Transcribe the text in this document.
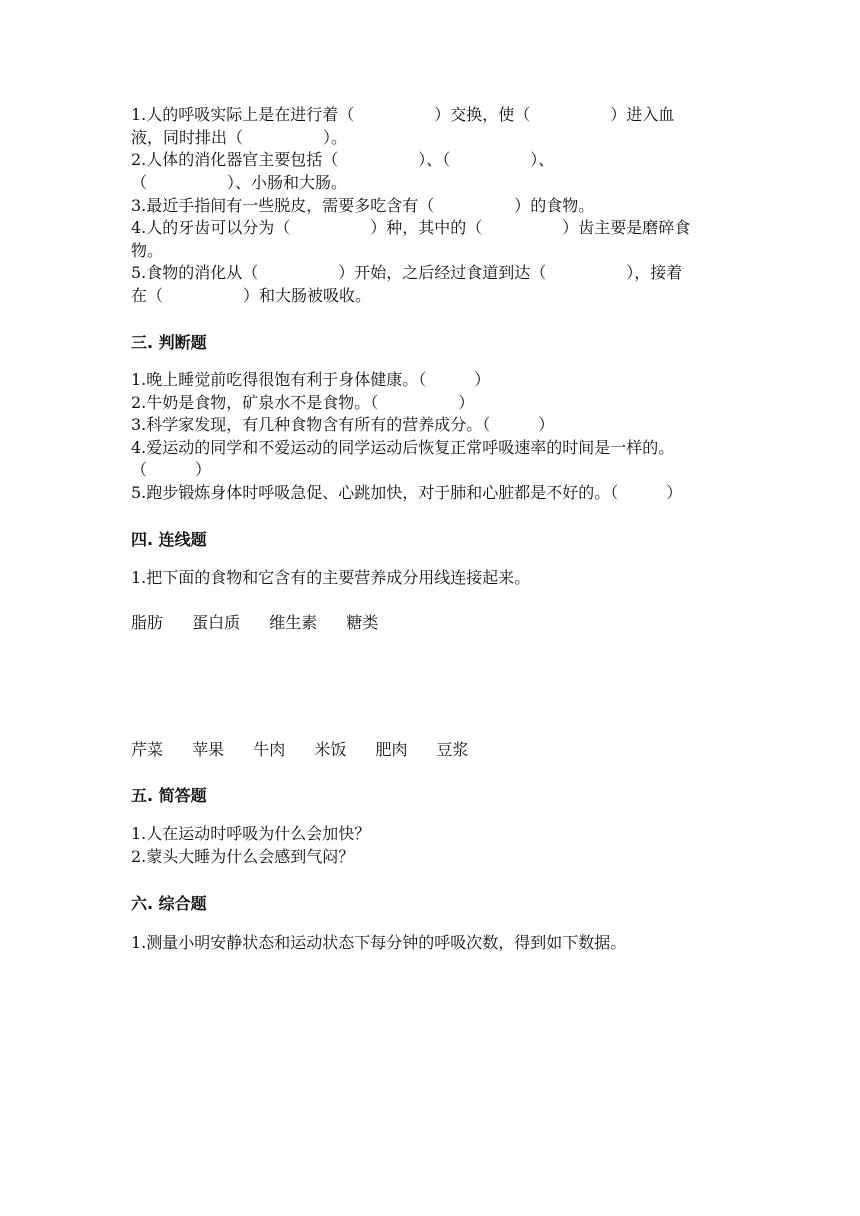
1.人的呼吸实际上是在进行着（　　　　　）交换，使（　　　　　）进入血
液，同时排出（　　　　　）。
2.人体的消化器官主要包括（　　　　　）、（　　　　　）、
（　　　　　）、小肠和大肠。
3.最近手指间有一些脱皮，需要多吃含有（　　　　　）的食物。
4.人的牙齿可以分为（　　　　　）种，其中的（　　　　　）齿主要是磨碎食
物。
5.食物的消化从（　　　　　）开始，之后经过食道到达（　　　　　），接着
在（　　　　　）和大肠被吸收。
三. 判断题
1.晚上睡觉前吃得很饱有利于身体健康。（　　　）
2.牛奶是食物，矿泉水不是食物。（　　　　　）
3.科学家发现，有几种食物含有所有的营养成分。（　　　）
4.爱运动的同学和不爱运动的同学运动后恢复正常呼吸速率的时间是一样的。
（　　　）
5.跑步锻炼身体时呼吸急促、心跳加快，对于肺和心脏都是不好的。（　　　）
四. 连线题
1.把下面的食物和它含有的主要营养成分用线连接起来。
脂肪 蛋白质 维生素 糖类
芹菜 苹果 牛肉 米饭 肥肉 豆浆
五. 简答题
1.人在运动时呼吸为什么会加快？
2.蒙头大睡为什么会感到气闷？
六. 综合题
1.测量小明安静状态和运动状态下每分钟的呼吸次数，得到如下数据。
